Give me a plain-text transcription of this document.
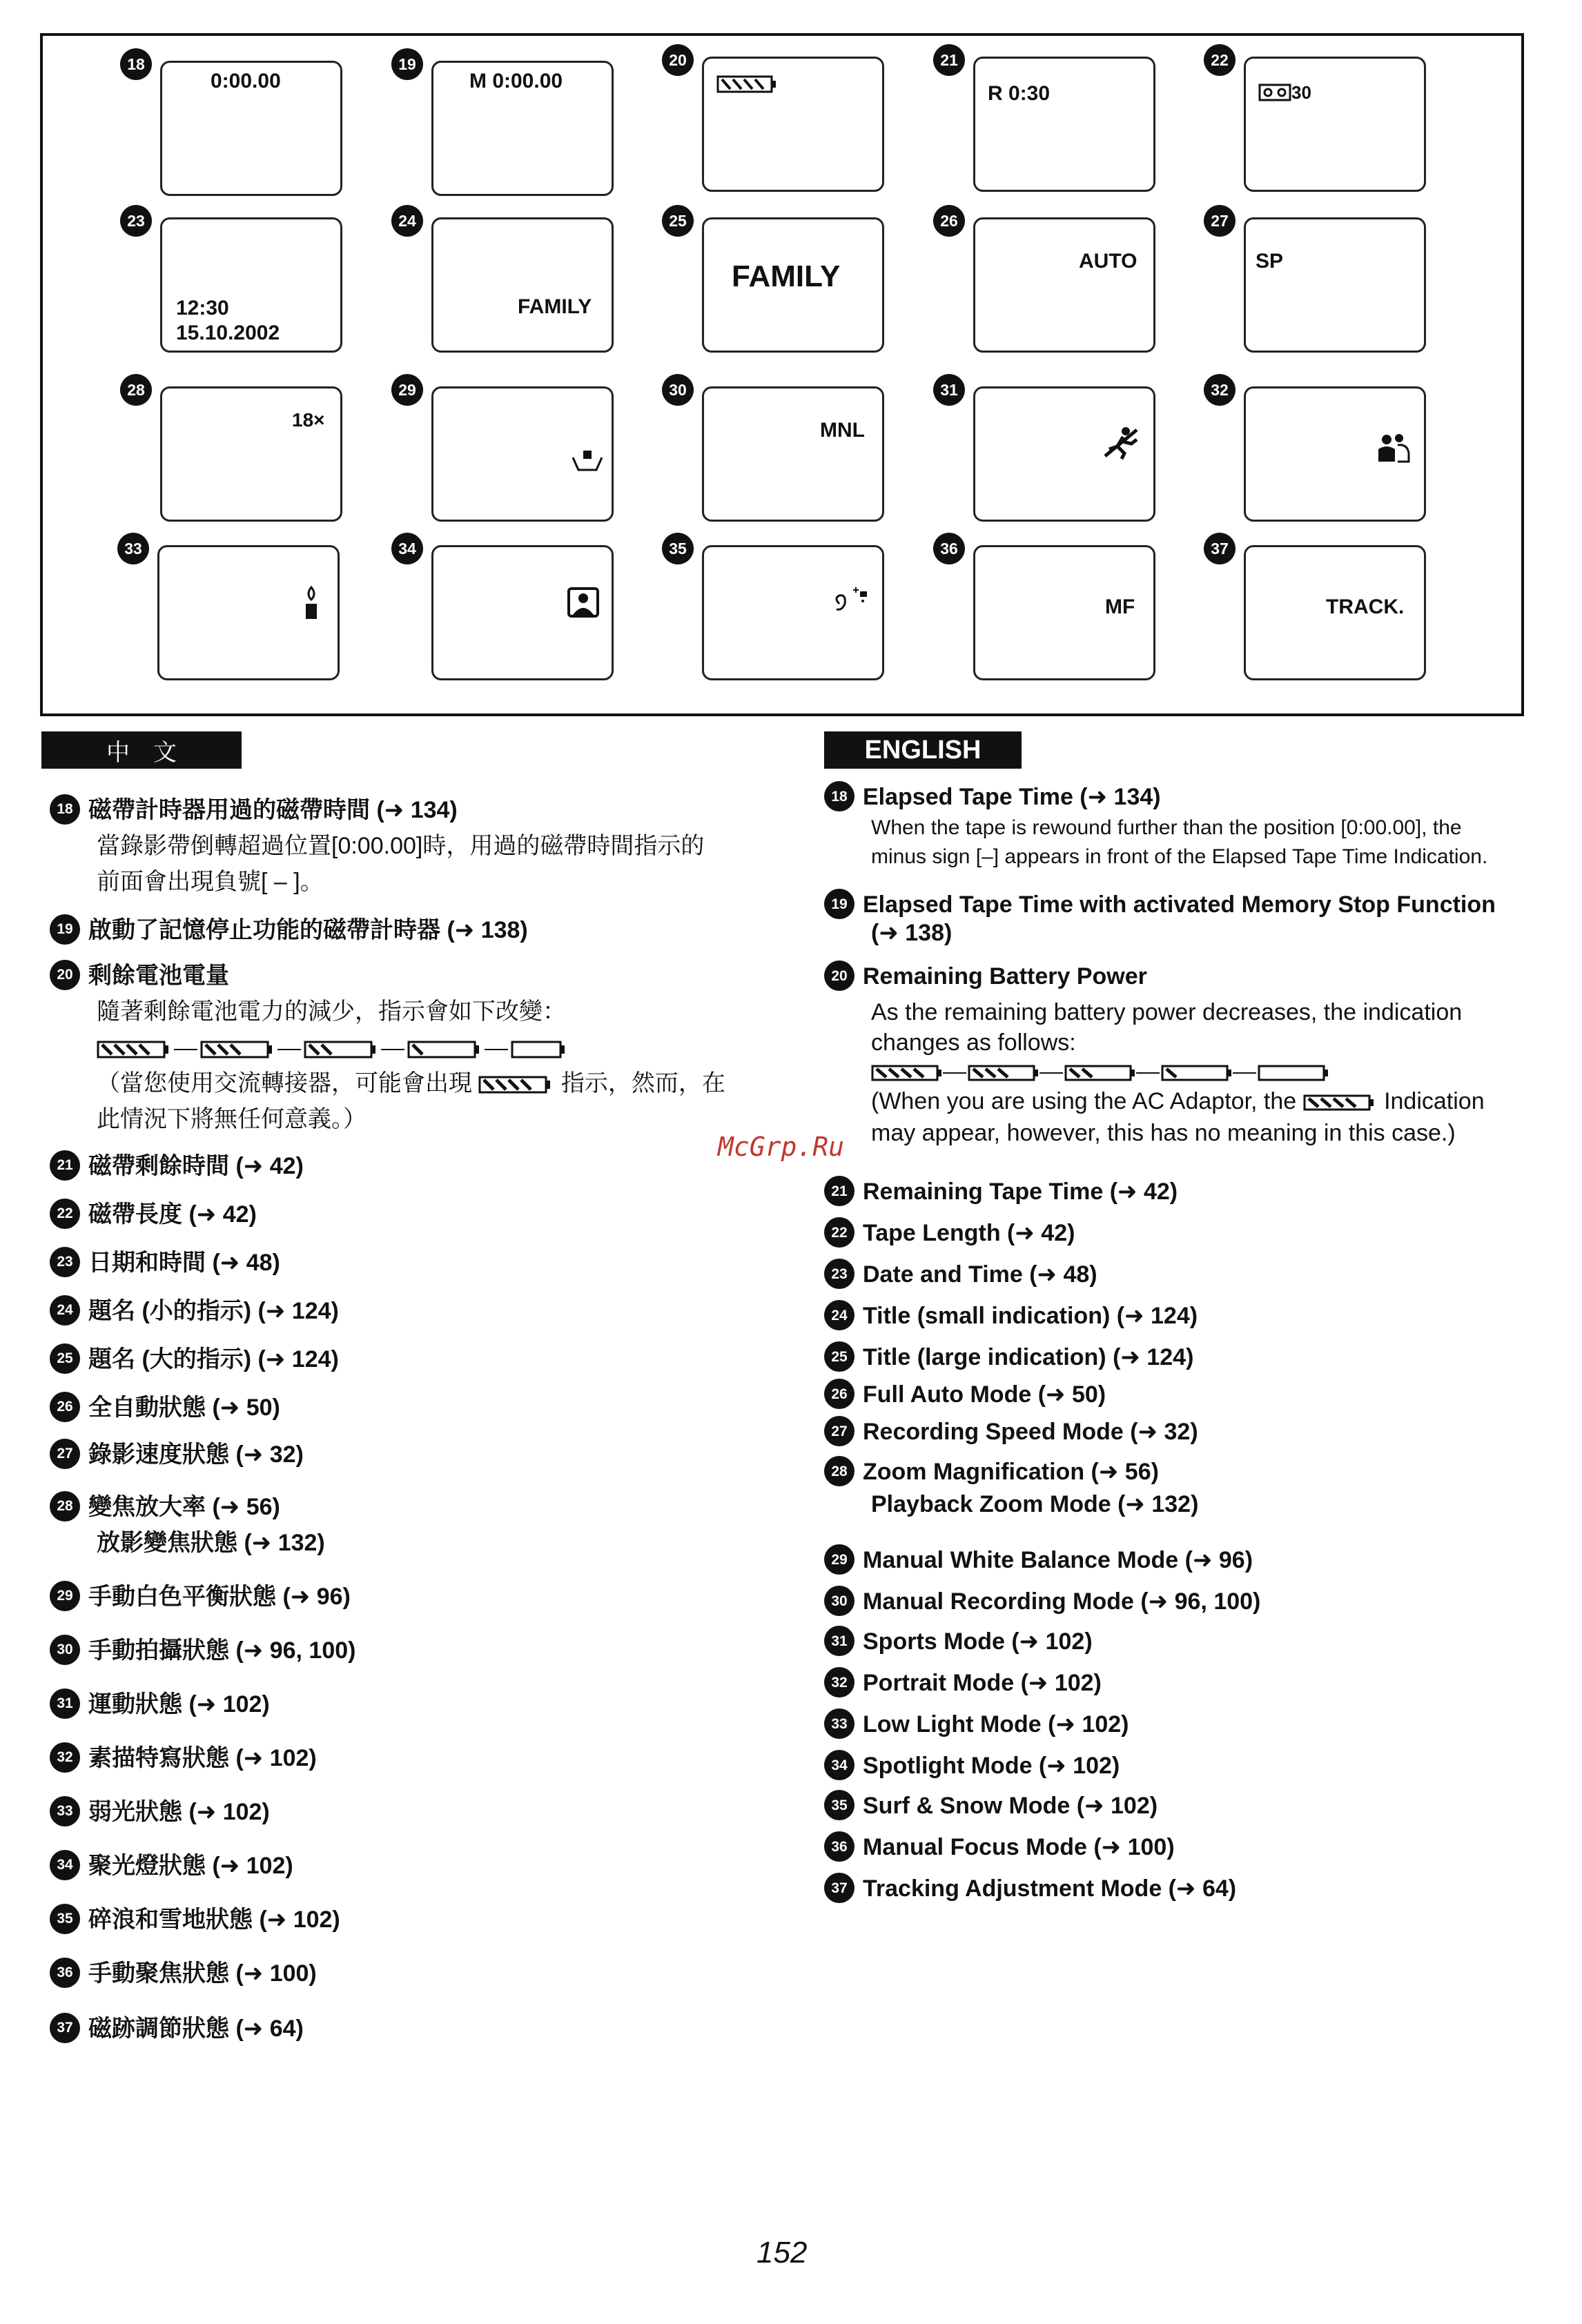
18
0:00.00
19
M 0:00.00
20	21
R 0:30
22
30
23
12:30
15.10.2002
24
FAMILY
25
FAMILY
26
AUTO
27
SP
28
18×
29	30
MNL
31	32
33	34	35	36
MF
37
TRACK.
中　文	ENGLISH
18 磁帶計時器用過的磁帶時間 (➜ 134)
當錄影帶倒轉超過位置[0:00.00]時，用過的磁帶時間指示的
前面會出現負號[ – ]。
19 啟動了記憶停止功能的磁帶計時器 (➜ 138)
20 剩餘電池電量
隨著剩餘電池電力的減少，指示會如下改變：
（當您使用交流轉接器，可能會出現	指示，然而，在
此情況下將無任何意義。）
21 磁帶剩餘時間 (➜ 42)
22 磁帶長度 (➜ 42)
23 日期和時間 (➜ 48)
24 題名 (小的指示) (➜ 124)
25 題名 (大的指示) (➜ 124)
26 全自動狀態 (➜ 50)
27 錄影速度狀態 (➜ 32)
28 變焦放大率 (➜ 56)
放影變焦狀態 (➜ 132)
29 手動白色平衡狀態 (➜ 96)
30 手動拍攝狀態 (➜ 96, 100)
31 運動狀態 (➜ 102)
32 素描特寫狀態 (➜ 102)
33 弱光狀態 (➜ 102)
34 聚光燈狀態 (➜ 102)
35 碎浪和雪地狀態 (➜ 102)
36 手動聚焦狀態 (➜ 100)
37 磁跡調節狀態 (➜ 64)
McGrp.Ru
18 Elapsed Tape Time (➜ 134)
When the tape is rewound further than the position [0:00.00], the
minus sign [–] appears in front of the Elapsed Tape Time Indication.
19 Elapsed Tape Time with activated Memory Stop Function
(➜ 138)
20 Remaining Battery Power
As the remaining battery power decreases, the indication
changes as follows:
(When you are using the AC Adaptor, the	Indication
may appear, however, this has no meaning in this case.)
21 Remaining Tape Time (➜ 42)
22 Tape Length (➜ 42)
23 Date and Time (➜ 48)
24 Title (small indication) (➜ 124)
25 Title (large indication) (➜ 124)
26 Full Auto Mode (➜ 50)
27 Recording Speed Mode (➜ 32)
28 Zoom Magnification (➜ 56)
Playback Zoom Mode (➜ 132)
29 Manual White Balance Mode (➜ 96)
30 Manual Recording Mode (➜ 96, 100)
31 Sports Mode (➜ 102)
32 Portrait Mode (➜ 102)
33 Low Light Mode (➜ 102)
34 Spotlight Mode (➜ 102)
35 Surf & Snow Mode (➜ 102)
36 Manual Focus Mode (➜ 100)
37 Tracking Adjustment Mode (➜ 64)
152
